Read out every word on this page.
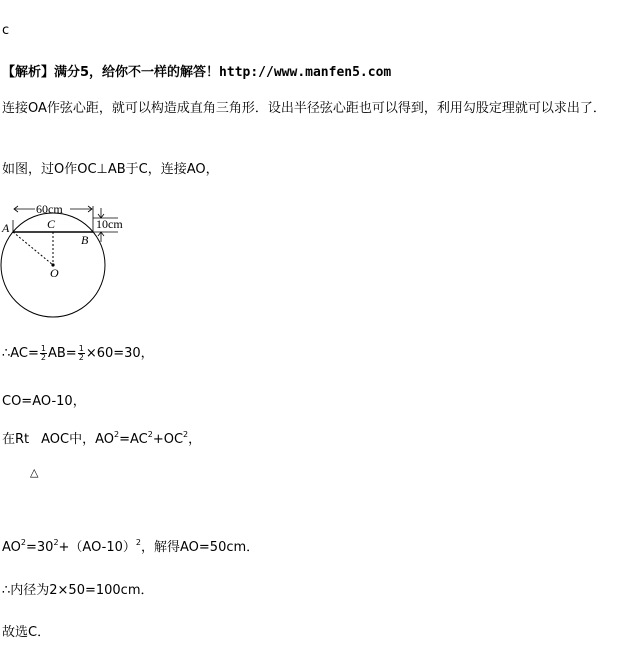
c
【解析】满分5，给你不一样的解答！http://www.manfen5.com
连接OA作弦心距，就可以构造成直角三角形．设出半径弦心距也可以得到，利用勾股定理就可以求出了．
如图，过O作OC⊥AB于C，连接AO，
60cm
10cm
A
B
C
O
∴AC= $\frac{1}{2} AB= \frac{1}{2} \times 60=30$，
CO=AO-10，
在Rt AOC中，$AO^2=AC^2+OC^2$，
△
$AO^2=30^2+(AO-10)^2$，解得AO=50cm．
∴内径为2×50=100cm．
故选C．
